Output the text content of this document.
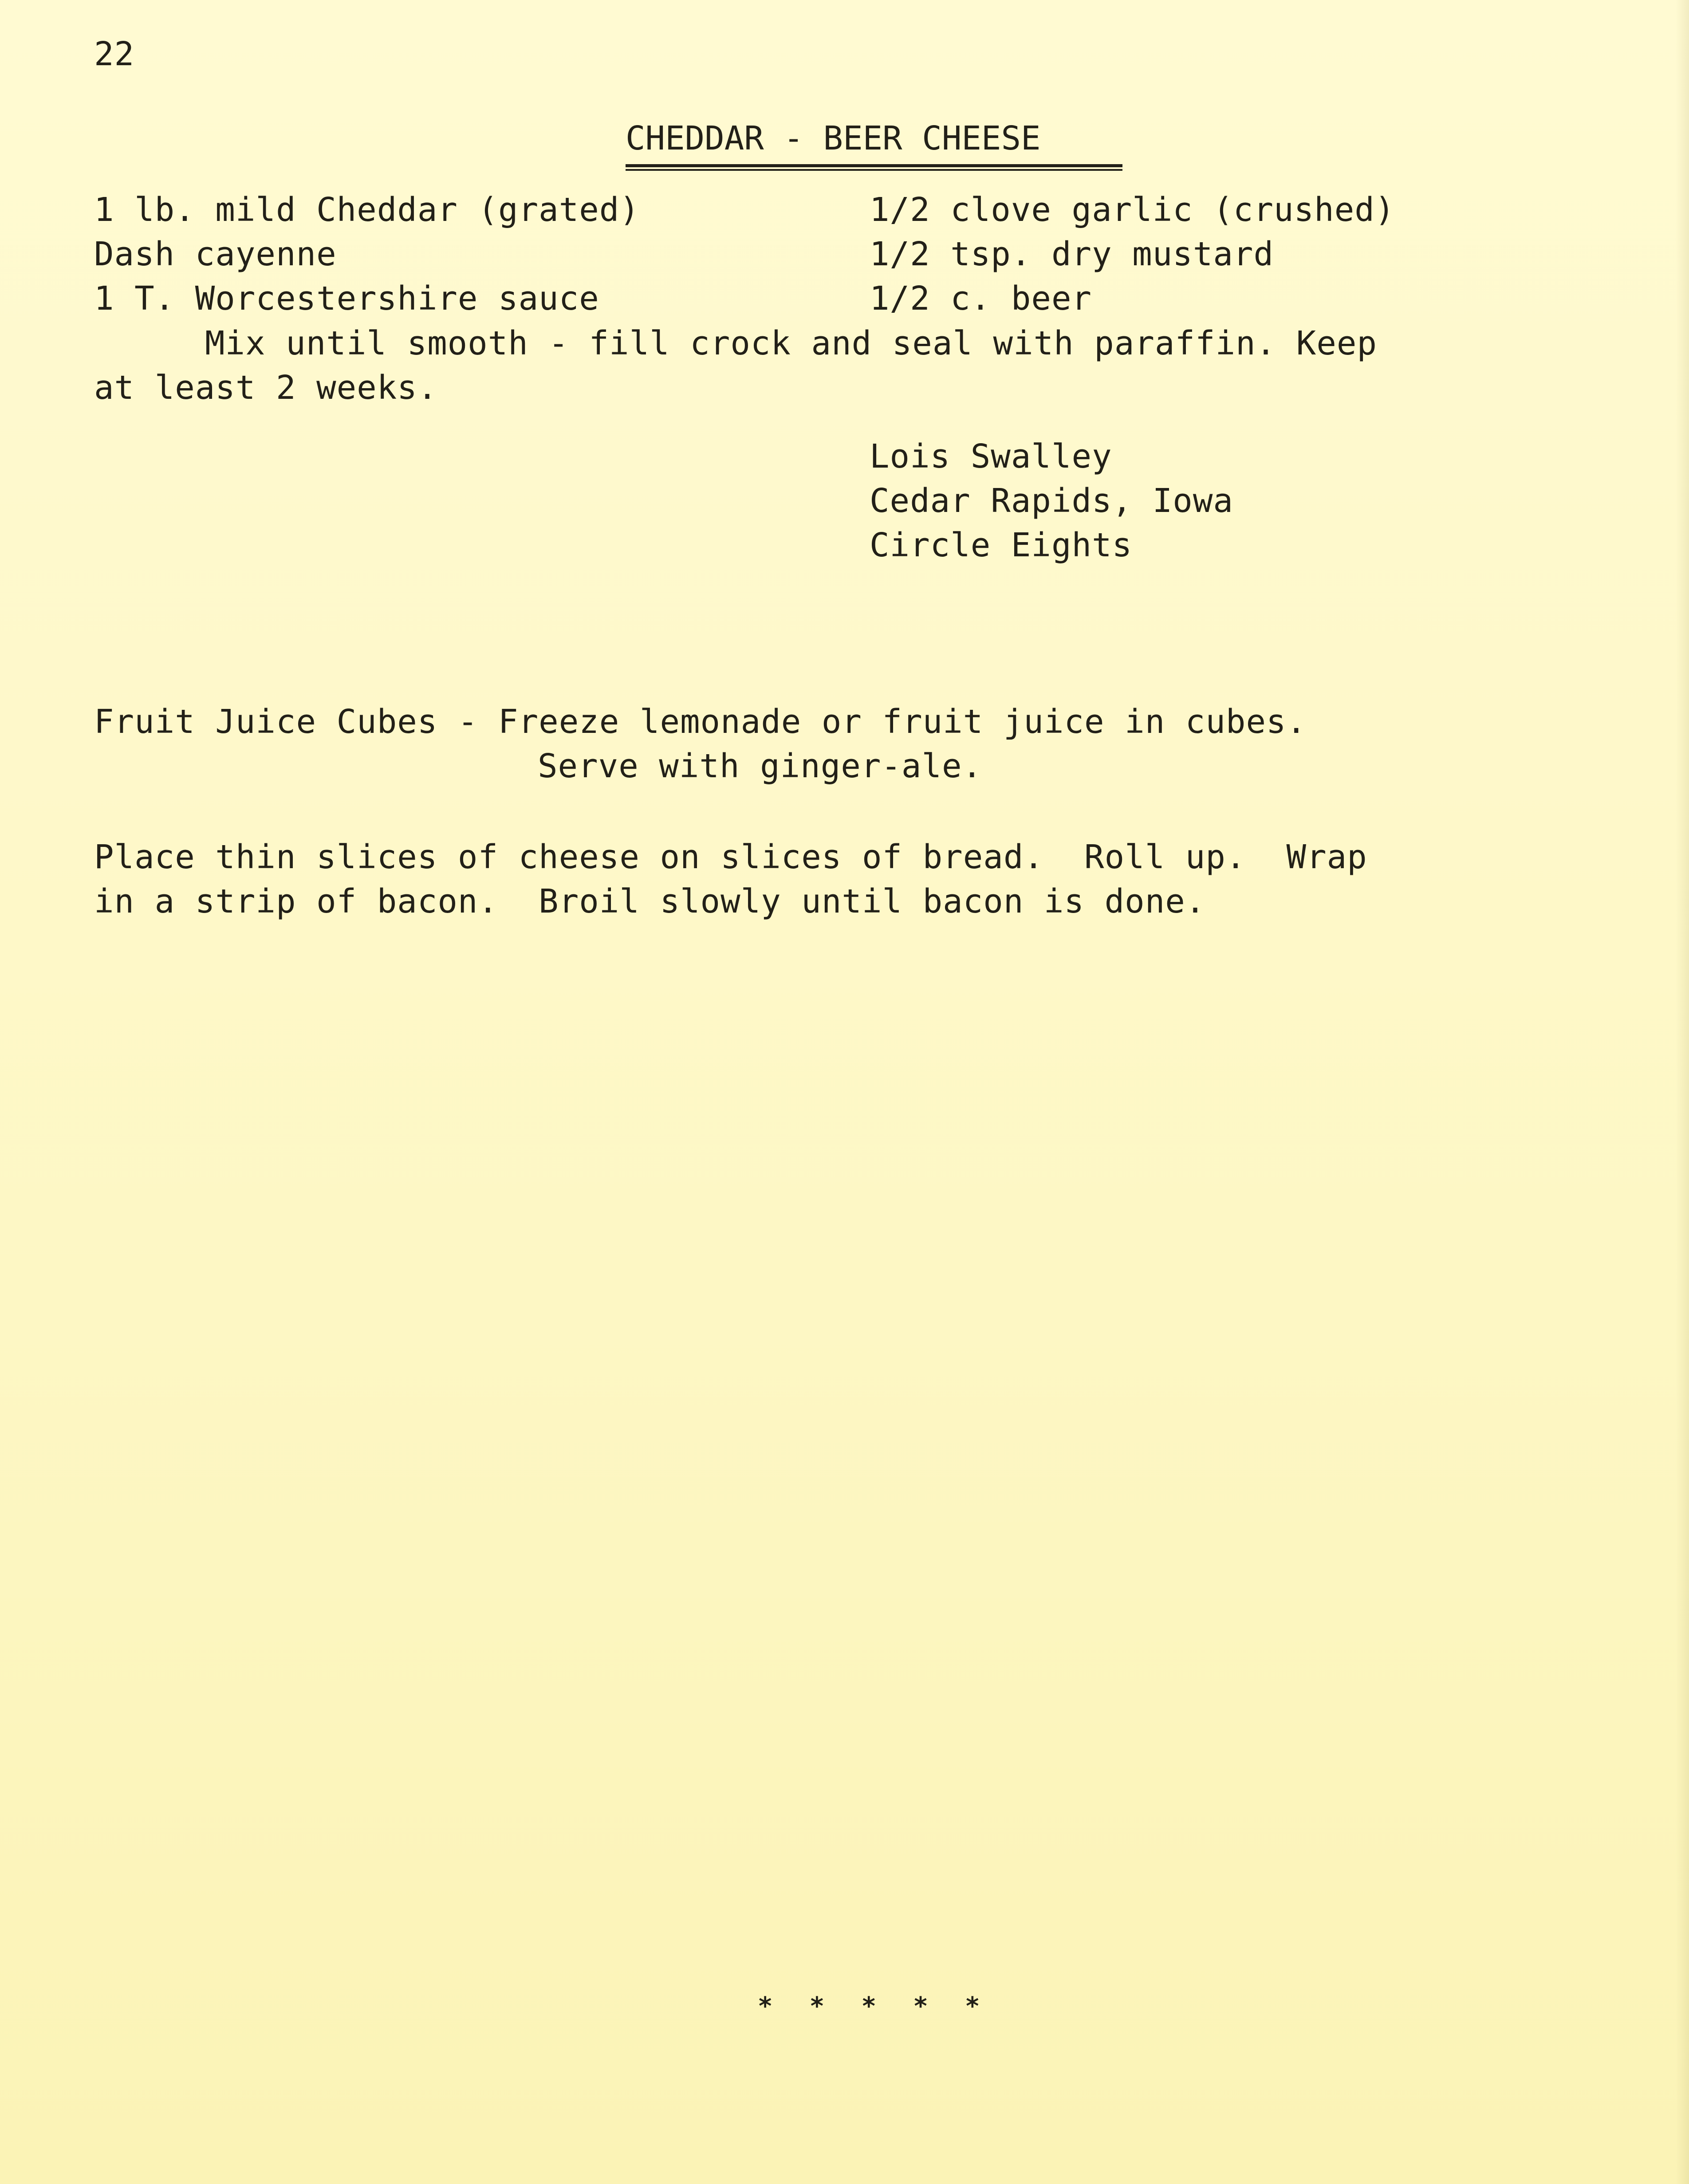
22
CHEDDAR - BEER CHEESE
1 lb. mild Cheddar (grated)	1/2 clove garlic (crushed)
Dash cayenne	1/2 tsp. dry mustard
1 T. Worcestershire sauce	1/2 c. beer
Mix until smooth - fill crock and seal with paraffin. Keep
at least 2 weeks.
Lois Swalley
Cedar Rapids, Iowa
Circle Eights
Fruit Juice Cubes - Freeze lemonade or fruit juice in cubes.
Serve with ginger-ale.
Place thin slices of cheese on slices of bread.  Roll up.  Wrap
in a strip of bacon.  Broil slowly until bacon is done.
* * * * *
